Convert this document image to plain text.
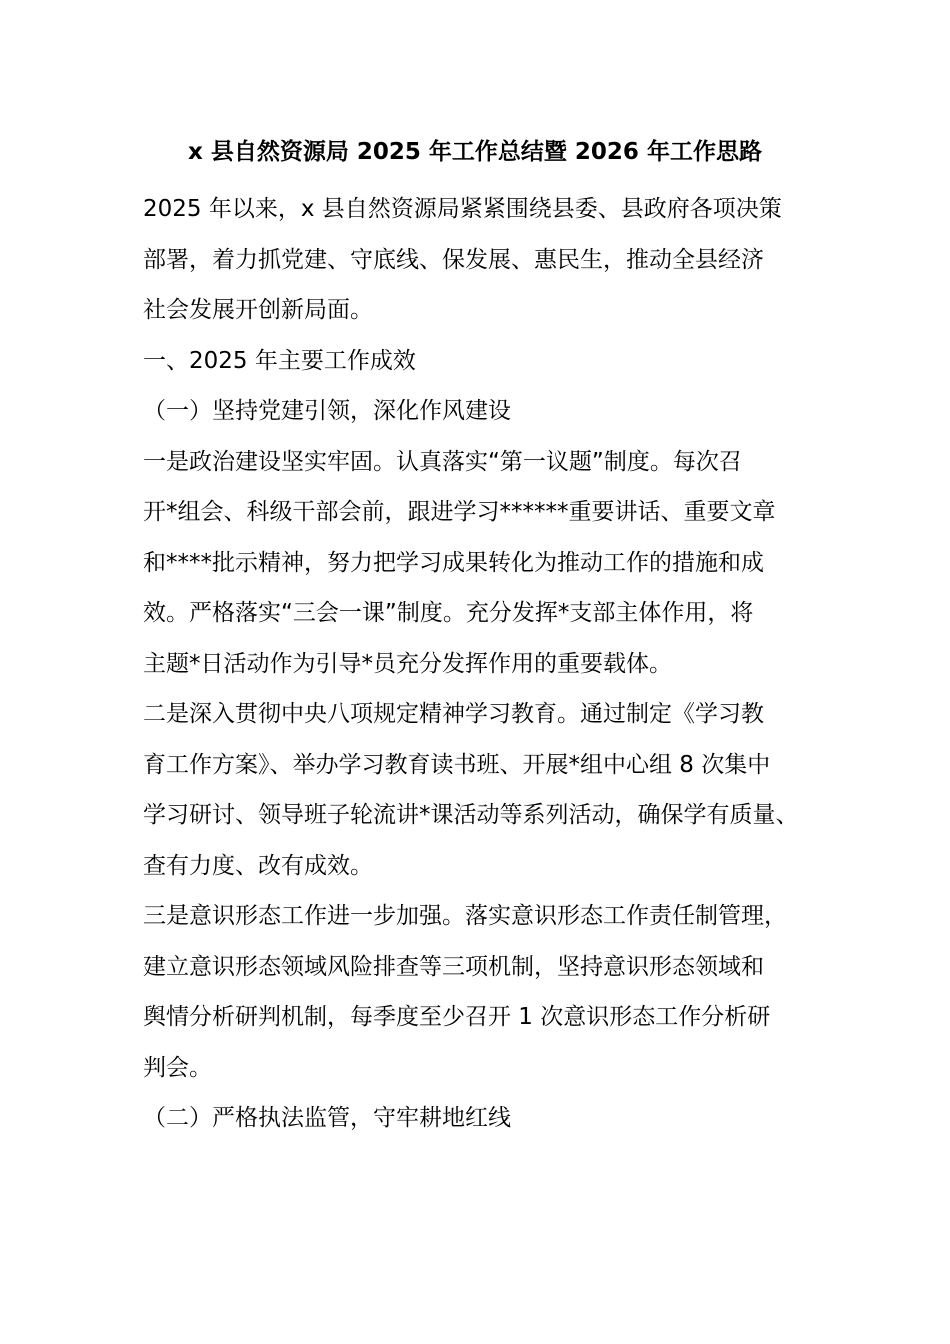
x 县自然资源局 2025 年工作总结暨 2026 年工作思路
2025 年以来，x 县自然资源局紧紧围绕县委、县政府各项决策
部署，着力抓党建、守底线、保发展、惠民生，推动全县经济
社会发展开创新局面。
一、2025 年主要工作成效
（一）坚持党建引领，深化作风建设
一是政治建设坚实牢固。认真落实“第一议题”制度。每次召
开*组会、科级干部会前，跟进学习******重要讲话、重要文章
和****批示精神，努力把学习成果转化为推动工作的措施和成
效。严格落实“三会一课”制度。充分发挥*支部主体作用，将
主题*日活动作为引导*员充分发挥作用的重要载体。
二是深入贯彻中央八项规定精神学习教育。通过制定《学习教
育工作方案》、举办学习教育读书班、开展*组中心组 8 次集中
学习研讨、领导班子轮流讲*课活动等系列活动，确保学有质量、
查有力度、改有成效。
三是意识形态工作进一步加强。落实意识形态工作责任制管理，
建立意识形态领域风险排查等三项机制，坚持意识形态领域和
舆情分析研判机制，每季度至少召开 1 次意识形态工作分析研
判会。
（二）严格执法监管，守牢耕地红线
